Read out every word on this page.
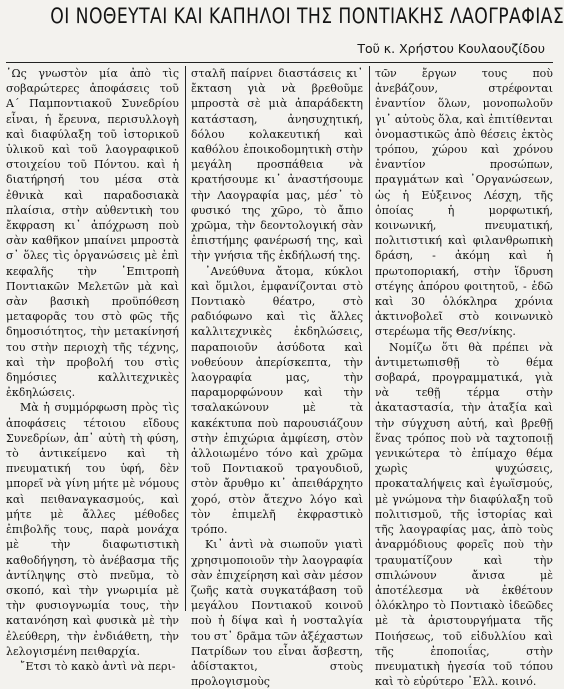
ΟΙ ΝΟΘΕΥΤΑΙ ΚΑΙ ΚΑΠΗΛΟΙ ΤΗΣ ΠΟΝΤΙΑΚΗΣ ΛΑΟΓΡΑΦΙΑΣ
Τοῦ κ. Χρήστου Κουλαουζίδου

῾Ως γνωστὸν μία ἀπὸ τὶς σοβαρώτερες ἀποφάσεις τοῦ Α΄ Παμποντιακοῦ Συνεδρίου εἶναι, ἡ ἔρευνα, περισυλλογὴ καὶ διαφύλαξη τοῦ ἱστορικοῦ ὑλικοῦ καὶ τοῦ λαογραφικοῦ στοιχείου τοῦ Πόντου. καὶ ἡ διατήρησή του μέσα στὰ ἐθνικὰ καὶ παραδοσιακὰ πλαίσια, στὴν αὐθεντικὴ του ἔκφραση κι᾽ ἀπόχρωση ποὺ σὰν καθῆκον μπαίνει μπροστὰ σ᾽ ὅλες τὶς ὀργανώσεις μὲ ἐπὶ κεφαλῆς τὴν ᾽Επιτροπὴ Ποντιακῶν Μελετῶν μὰ καὶ σὰν βασικὴ προϋπόθεση μεταφορᾶς του στὸ φῶς τῆς δημοσιότητος, τὴν μετακίνησή του στὴν περιοχὴ τῆς τέχνης, καὶ τὴν προβολή του στὶς δημόσιες καλλιτεχνικὲς ἐκδηλώσεις.

Μὰ ἡ συμμόρφωση πρὸς τὶς ἀποφάσεις τέτοιου εἴδους Συνεδρίων, ἀπ᾽ αὐτὴ τὴ φύση, τὸ ἀντικείμενο καὶ τὴ πνευματική του ὑφή, δὲν μπορεῖ νὰ γίνη μήτε μὲ νόμους καὶ πειθαναγκασμούς, καὶ μήτε μὲ ἄλλες μέθοδες ἐπιβολῆς τους, παρὰ μονάχα μὲ τὴν διαφωτιστικὴ καθοδήγηση, τὸ ἀνέβασμα τῆς ἀντίληψης στὸ πνεῦμα, τὸ σκοπό, καὶ τὴν γνωριμία μὲ τὴν φυσιογνωμία τους, τὴν κατανόηση καὶ φυσικὰ μὲ τὴν ἐλεύθερη, τὴν ἐνδιάθετη, τὴν λελογισμένη πειθαρχία.

῎Ετσι τὸ κακὸ ἀντὶ νὰ περι-

σταλῆ παίρνει διαστάσεις κι᾽ ἔκταση γιὰ νὰ βρεθοῦμε μπροστὰ σὲ μιὰ ἀπαράδεκτη κατάσταση, ἀνησυχητική, δόλου κολακευτική καὶ καθόλου ἐποικοδομητικὴ στὴν μεγάλη προσπάθεια νὰ κρατήσουμε κι᾽ ἀναστήσουμε τὴν Λαογραφία μας, μέσ᾽ τὸ φυσικό της χῶρο, τὸ ἄπιο χρῶμα, τὴν δεοντολογική σὰν ἐπιστήμης φανέρωσή της, καὶ τὴν γνήσια τῆς ἐκδήλωσή της.

᾽Ανεύθυνα ἄτομα, κύκλοι καὶ ὅμιλοι, ἐμφανίζονται στὸ Ποντιακὸ θέατρο, στὸ ραδιόφωνο καὶ τὶς ἄλλες καλλιτεχνικὲς ἐκδηλώσεις, παραποιοῦν ἀσύδοτα καὶ νοθεύουν ἀπερίσκεπτα, τὴν λαογραφία μας, τὴν παραμορφώνουν καὶ τὴν τσαλακώνουν μὲ τὰ κακέκτυπα ποὺ παρουσιάζουν στὴν ἐπιχώρια ἀμφίεση, στὸν ἀλλοιωμένο τόνο καὶ χρῶμα τοῦ Ποντιακοῦ τραγουδιοῦ, στὸν ἄρυθμο κι᾽ ἀπειθάρχητο χορό, στὸν ἄτεχνο λόγο καὶ τὸν ἐπιμελῆ ἐκφραστικὸ τρόπο.

Κι᾽ ἀντὶ νὰ σιωποῦν γιατὶ χρησιμοποιοῦν τὴν λαογραφία σὰν ἐπιχείρηση καὶ σὰν μέσον ζωῆς κατὰ συγκατάβαση τοῦ μεγάλου Ποντιακοῦ κοινοῦ ποὺ ἡ δίψα καὶ ἡ νοσταλγία του στ᾽ δρᾶμα τῶν ἀξέχαστων Πατρίδων του εἶναι ἄσβεστη, ἀδίστακτοι, στοὺς προλογισμοὺς

τῶν ἔργων τους ποὺ ἀνεβάζουν, στρέφονται ἐναντίον ὅλων, μονοπωλοῦν γι᾽ αὐτοὺς ὅλα, καὶ ἐπιτίθενται ὀνομαστικῶς ἀπὸ θέσεις ἐκτὸς τρόπου, χώρου καὶ χρόνου ἐναντίον προσώπων, πραγμάτων καὶ ᾽Οργανώσεων, ὡς ἡ Εὐξεινος Λέσχη, τῆς ὁποίας ἡ μορφωτική, κοινωνική, πνευματική, πολιτιστική καὶ φιλανθρωπικὴ δράση, - ἀκόμη καὶ ἡ πρωτοποριακή, στὴν ἵδρυση στέγης ἀπόρου φοιτητοῦ, - ἐδῶ καὶ 30 ὁλόκληρα χρόνια ἀκτινοβολεῖ στὸ κοινωνικὸ στερέωμα τῆς Θεσ/νίκης.

Νομίζω ὅτι θὰ πρέπει νὰ ἀντιμετωπισθῇ τὸ θέμα σοβαρά, προγραμματικά, γιὰ νὰ τεθῇ τέρμα στὴν ἀκαταστασία, τὴν ἀταξία καὶ τὴν σύγχυση αὐτή, καὶ βρεθῇ ἕνας τρόπος ποὺ νὰ ταχτοποιῇ γενικώτερα τὸ ἐπίμαχο θέμα χωρὶς ψυχώσεις, προκαταλήψεις καὶ ἐγωϊσμούς, μὲ γνώμονα τὴν διαφύλαξη τοῦ πολιτισμοῦ, τῆς ἱστορίας καὶ τῆς λαογραφίας μας, ἀπὸ τοὺς ἀναρμόδιους φορεῖς ποὺ τὴν τραυματίζουν καὶ τὴν σπιλώνουν ἄνισα μὲ ἀποτέλεσμα νὰ ἐκθέτουν ὁλόκληρο τὸ Ποντιακὸ ἰδεῶδες μὲ τὰ ἀριστουργήματα τῆς Ποιήσεως, τοῦ εἰδυλλίου καὶ τῆς ἐποποιΐας, στὴν πνευματικὴ ἡγεσία τοῦ τόπου καὶ τὸ εὐρύτερο ᾽Ελλ. κοινό.
